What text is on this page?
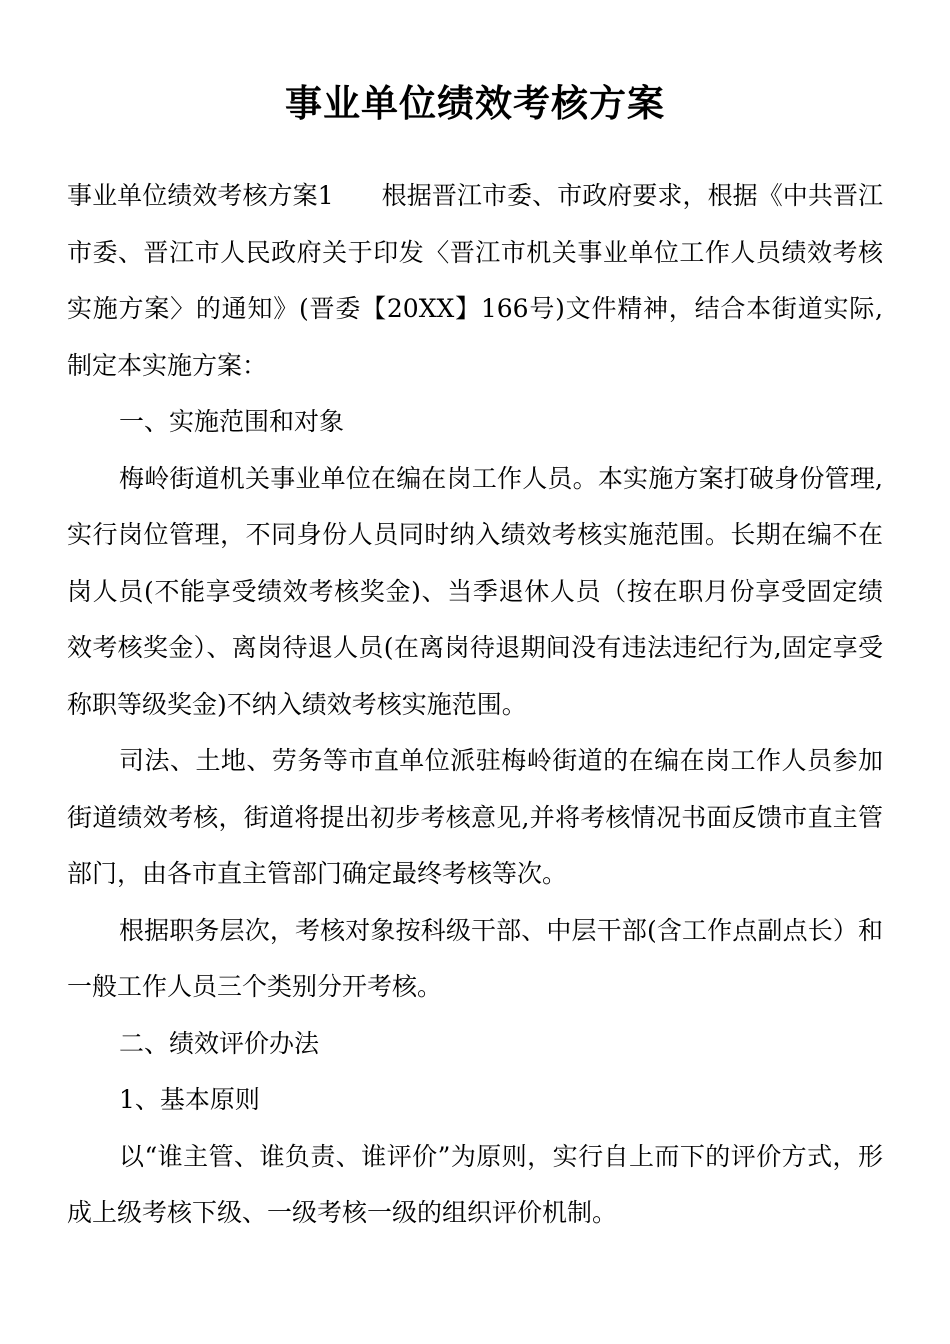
事业单位绩效考核方案

事业单位绩效考核方案1 根据晋江市委、市政府要求，根据《中共晋江市委、晋江市人民政府关于印发〈晋江市机关事业单位工作人员绩效考核实施方案〉的通知》(晋委【20XX】166号)文件精神，结合本街道实际,制定本实施方案：

一、实施范围和对象

梅岭街道机关事业单位在编在岗工作人员。本实施方案打破身份管理,实行岗位管理，不同身份人员同时纳入绩效考核实施范围。长期在编不在岗人员(不能享受绩效考核奖金)、当季退休人员（按在职月份享受固定绩效考核奖金）、离岗待退人员(在离岗待退期间没有违法违纪行为,固定享受称职等级奖金)不纳入绩效考核实施范围。

司法、土地、劳务等市直单位派驻梅岭街道的在编在岗工作人员参加街道绩效考核，街道将提出初步考核意见,并将考核情况书面反馈市直主管部门，由各市直主管部门确定最终考核等次。

根据职务层次，考核对象按科级干部、中层干部(含工作点副点长）和一般工作人员三个类别分开考核。

二、绩效评价办法

1、基本原则

以“谁主管、谁负责、谁评价”为原则，实行自上而下的评价方式，形成上级考核下级、一级考核一级的组织评价机制。
